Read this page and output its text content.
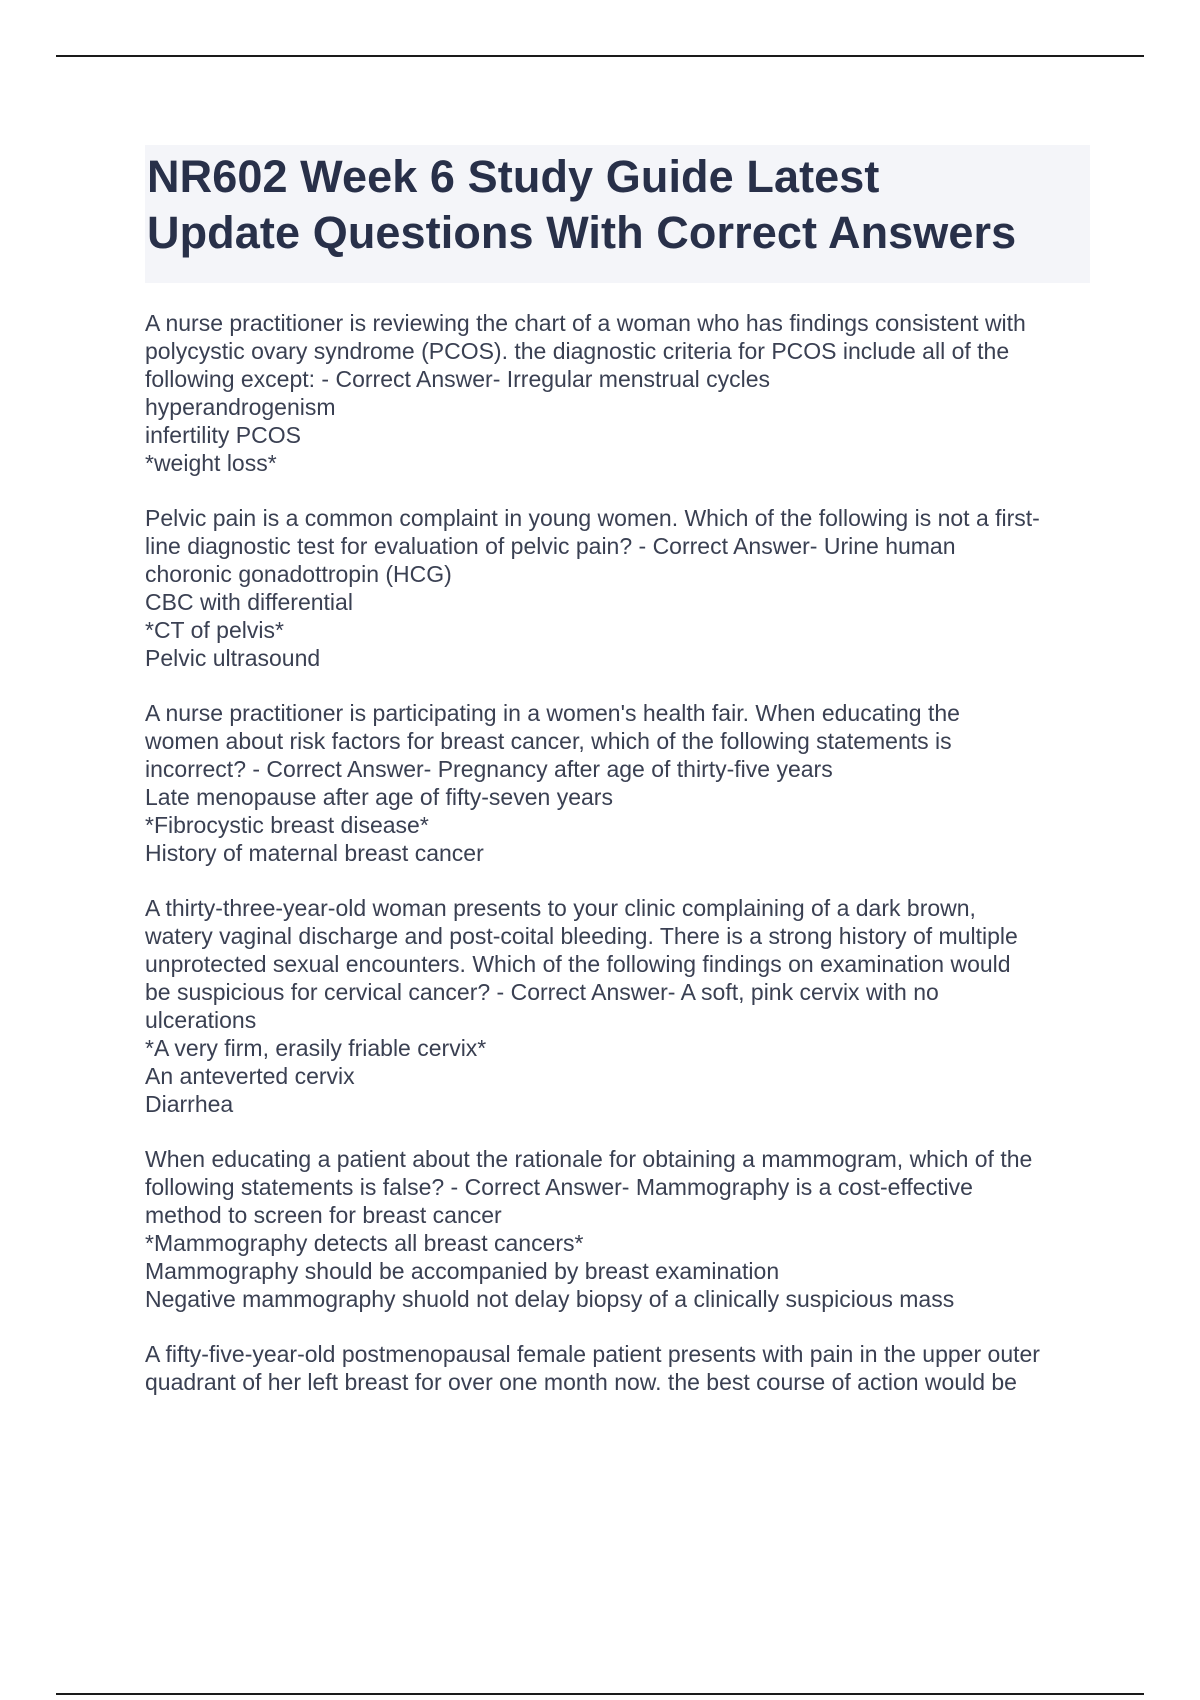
NR602 Week 6 Study Guide Latest
Update Questions With Correct Answers
A nurse practitioner is reviewing the chart of a woman who has findings consistent with
polycystic ovary syndrome (PCOS). the diagnostic criteria for PCOS include all of the
following except: - Correct Answer- Irregular menstrual cycles
hyperandrogenism
infertility PCOS
*weight loss*
Pelvic pain is a common complaint in young women. Which of the following is not a first-
line diagnostic test for evaluation of pelvic pain? - Correct Answer- Urine human
choronic gonadottropin (HCG)
CBC with differential
*CT of pelvis*
Pelvic ultrasound
A nurse practitioner is participating in a women's health fair. When educating the
women about risk factors for breast cancer, which of the following statements is
incorrect? - Correct Answer- Pregnancy after age of thirty-five years
Late menopause after age of fifty-seven years
*Fibrocystic breast disease*
History of maternal breast cancer
A thirty-three-year-old woman presents to your clinic complaining of a dark brown,
watery vaginal discharge and post-coital bleeding. There is a strong history of multiple
unprotected sexual encounters. Which of the following findings on examination would
be suspicious for cervical cancer? - Correct Answer- A soft, pink cervix with no
ulcerations
*A very firm, erasily friable cervix*
An anteverted cervix
Diarrhea
When educating a patient about the rationale for obtaining a mammogram, which of the
following statements is false? - Correct Answer- Mammography is a cost-effective
method to screen for breast cancer
*Mammography detects all breast cancers*
Mammography should be accompanied by breast examination
Negative mammography shuold not delay biopsy of a clinically suspicious mass
A fifty-five-year-old postmenopausal female patient presents with pain in the upper outer
quadrant of her left breast for over one month now. the best course of action would be
